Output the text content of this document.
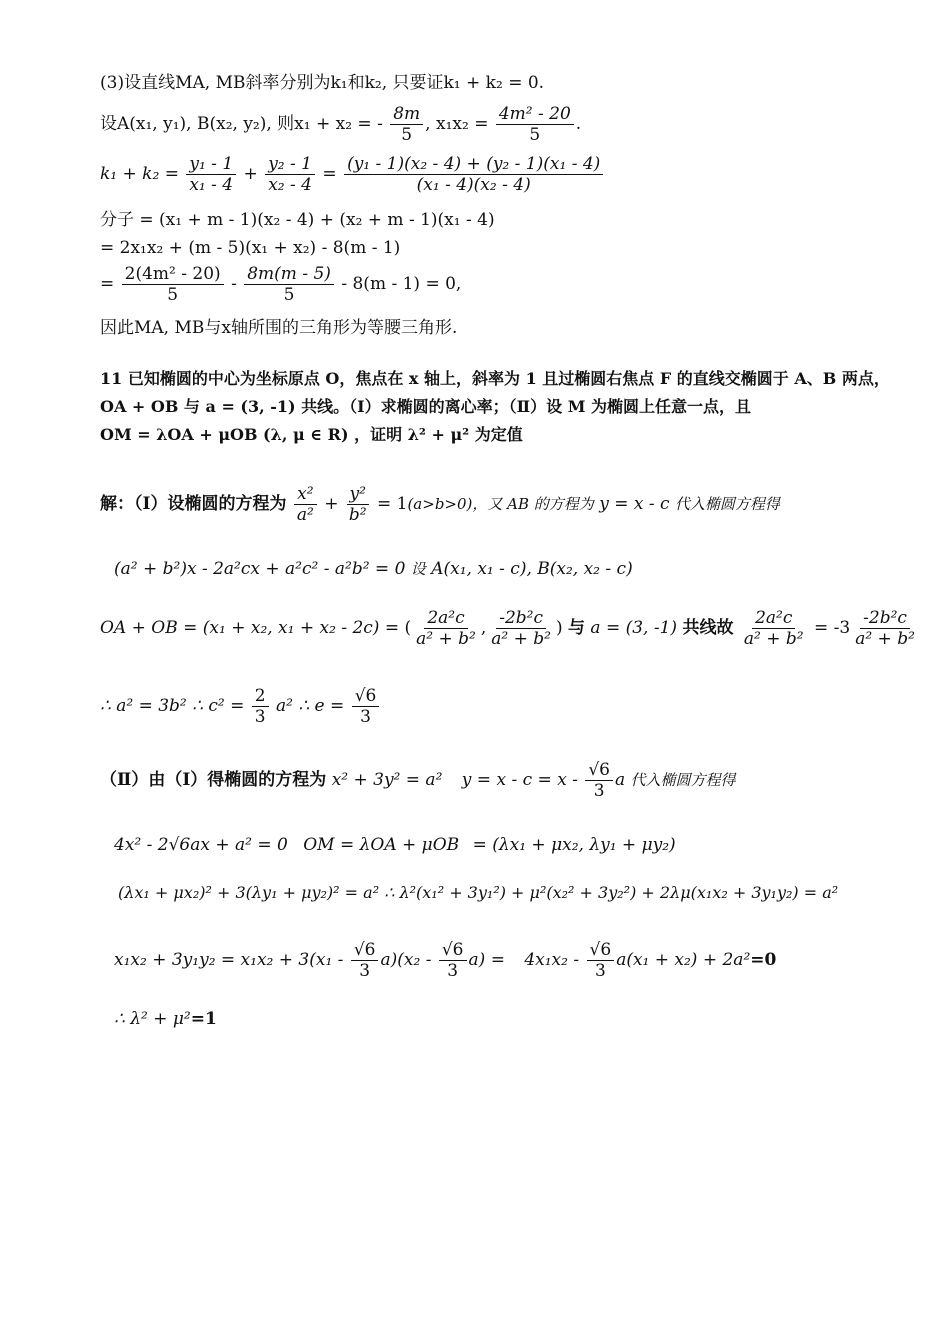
(3)设直线MA, MB斜率分别为k₁和k₂, 只要证k₁ + k₂ = 0.
设A(x₁, y₁), B(x₂, y₂), 则x₁ + x₂ = - $\frac{8m}{5}$ , $x_1x_2 = \frac{\text{4m² - 20}}{5}$ .
$k_1 + k_2 = \frac{\text{y₁ - 1}}{\text{x₁ - 4}} + \frac{\text{y₂ - 1}}{\text{x₂ - 4}} = \frac{\text{(y₁ - 1)(x₂ - 4) + (y₂ - 1)(x₁ - 4)}}{\text{(x₁ - 4)(x₂ - 4)}}$
分子 = (x₁ + m - 1)(x₂ - 4) + (x₂ + m - 1)(x₁ - 4)
= 2x₁x₂ + (m - 5)(x₁ + x₂) - 8(m - 1)
= $\frac{\text{2(4m² - 20)}}{5} - \frac{8m(m - 5)}{5} - 8(m - 1) = 0$,
因此MA, MB与x轴所围的三角形为等腰三角形.
11 已知椭圆的中心为坐标原点 O，焦点在 x 轴上，斜率为 1 且过椭圆右焦点 F 的直线交椭圆于 A、B 两点，
OA + OB 与 a = (3, -1) 共线。（Ⅰ）求椭圆的离心率；（Ⅱ）设 M 为椭圆上任意一点，且
OM = λOA + μOB (λ, μ ∈ R) ，证明 λ² + μ² 为定值
解：（Ⅰ）设椭圆的方程为 $\frac{\text{x²}}{\text{a²}} + \frac{\text{y²}}{\text{b²}} = 1(a>b>0)$，又 AB 的方程为 y = x - c 代入椭圆方程得
(a² + b²)x - 2a²cx + a²c² - a²b² = 0 设 A(x₁, x₁ - c), B(x₂, x₂ - c)
OA + OB = (x₁ + x₂, x₁ + x₂ - 2c) = ( $\frac{\text{2a²c}}{\text{a² + b²}}$ , $\frac{\text{-2b²c}}{\text{a² + b²}}$ ) 与 a = (3, -1) 共线故 $\frac{\text{2a²c}}{\text{a² + b²}} = -3 \frac{\text{-2b²c}}{\text{a² + b²}}$
∴ a² = 3b² ∴ $c^2 = \frac{2}{3} a^2$ ∴ $e = \frac{√6}{3}$
（Ⅱ）由（Ⅰ）得椭圆的方程为 x² + 3y² = a² $y = x - c = x - \frac{√6}{3}$ a 代入椭圆方程得
4x² - 2√6ax + a² = 0 OM = λOA + μOB = (λx₁ + μx₂, λy₁ + μy₂)
(λx₁ + μx₂)² + 3(λy₁ + μy₂)² = a² ∴ λ²(x₁² + 3y₁²) + μ²(x₂² + 3y₂²) + 2λμ(x₁x₂ + 3y₁y₂) = a²
$x_1x_2 + 3y_1y_2 = x_1x_2 + 3(x_1 - \frac{√6}{3} a)(x_2 - \frac{√6}{3} a) = 4x_1x_2 - \frac{√6}{3} a(x_1 + x_2) + 2a^2=0$
∴ λ² + μ²=1
